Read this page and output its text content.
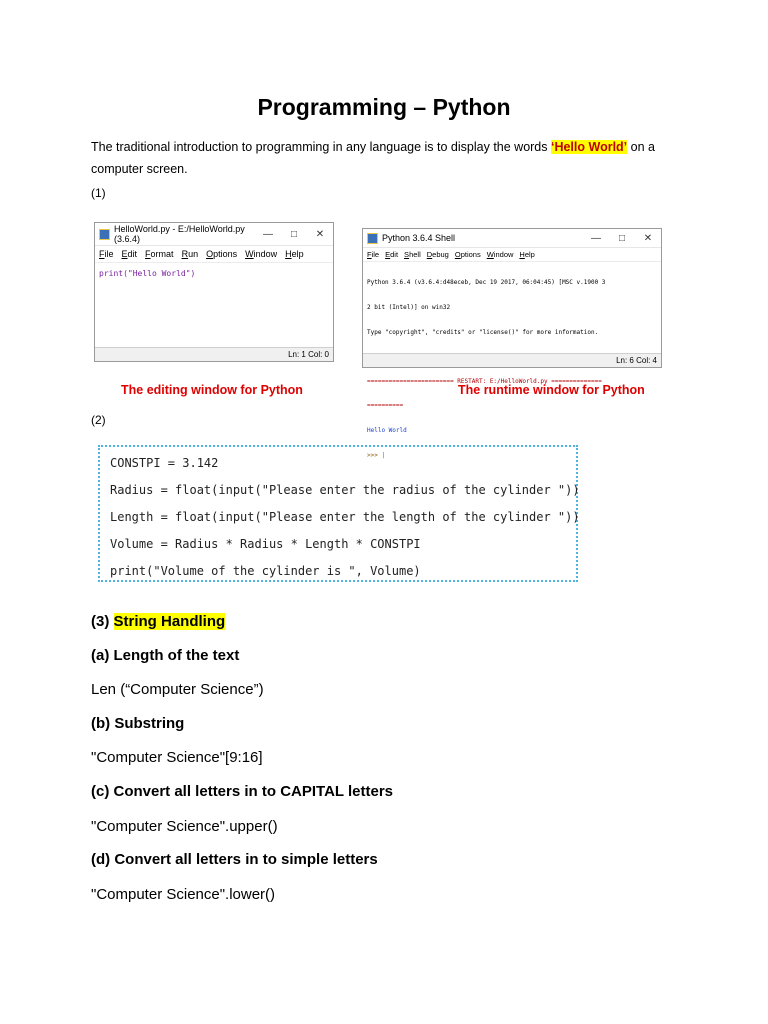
Programming – Python
The traditional introduction to programming in any language is to display the words ‘Hello World’ on a computer screen.
(1)
HelloWorld.py - E:/HelloWorld.py (3.6.4)	—	□	✕
File Edit Format Run Options Window Help
print("Hello World")
Ln: 1 Col: 0
The editing window for Python
Python 3.6.4 Shell	—	□	✕
File Edit Shell Debug Options Window Help

Python 3.6.4 (v3.6.4:d48eceb, Dec 19 2017, 06:04:45) [MSC v.1900 3

2 bit (Intel)] on win32

Type "copyright", "credits" or "license()" for more information.

======================== RESTART: E:/HelloWorld.py ==============

==========

Hello World

>>> |

Ln: 6 Col: 4
The runtime window for Python
(2)
CONSTPI = 3.142
Radius = float(input("Please enter the radius of the cylinder "))
Length = float(input("Please enter the length of the cylinder "))
Volume = Radius * Radius * Length * CONSTPI
print("Volume of the cylinder is ", Volume)
(3) String Handling
(a) Length of the text
Len (“Computer Science”)
(b) Substring
"Computer Science"[9:16]
(c) Convert all letters in to CAPITAL letters
"Computer Science".upper()
(d) Convert all letters in to simple letters
"Computer Science".lower()
